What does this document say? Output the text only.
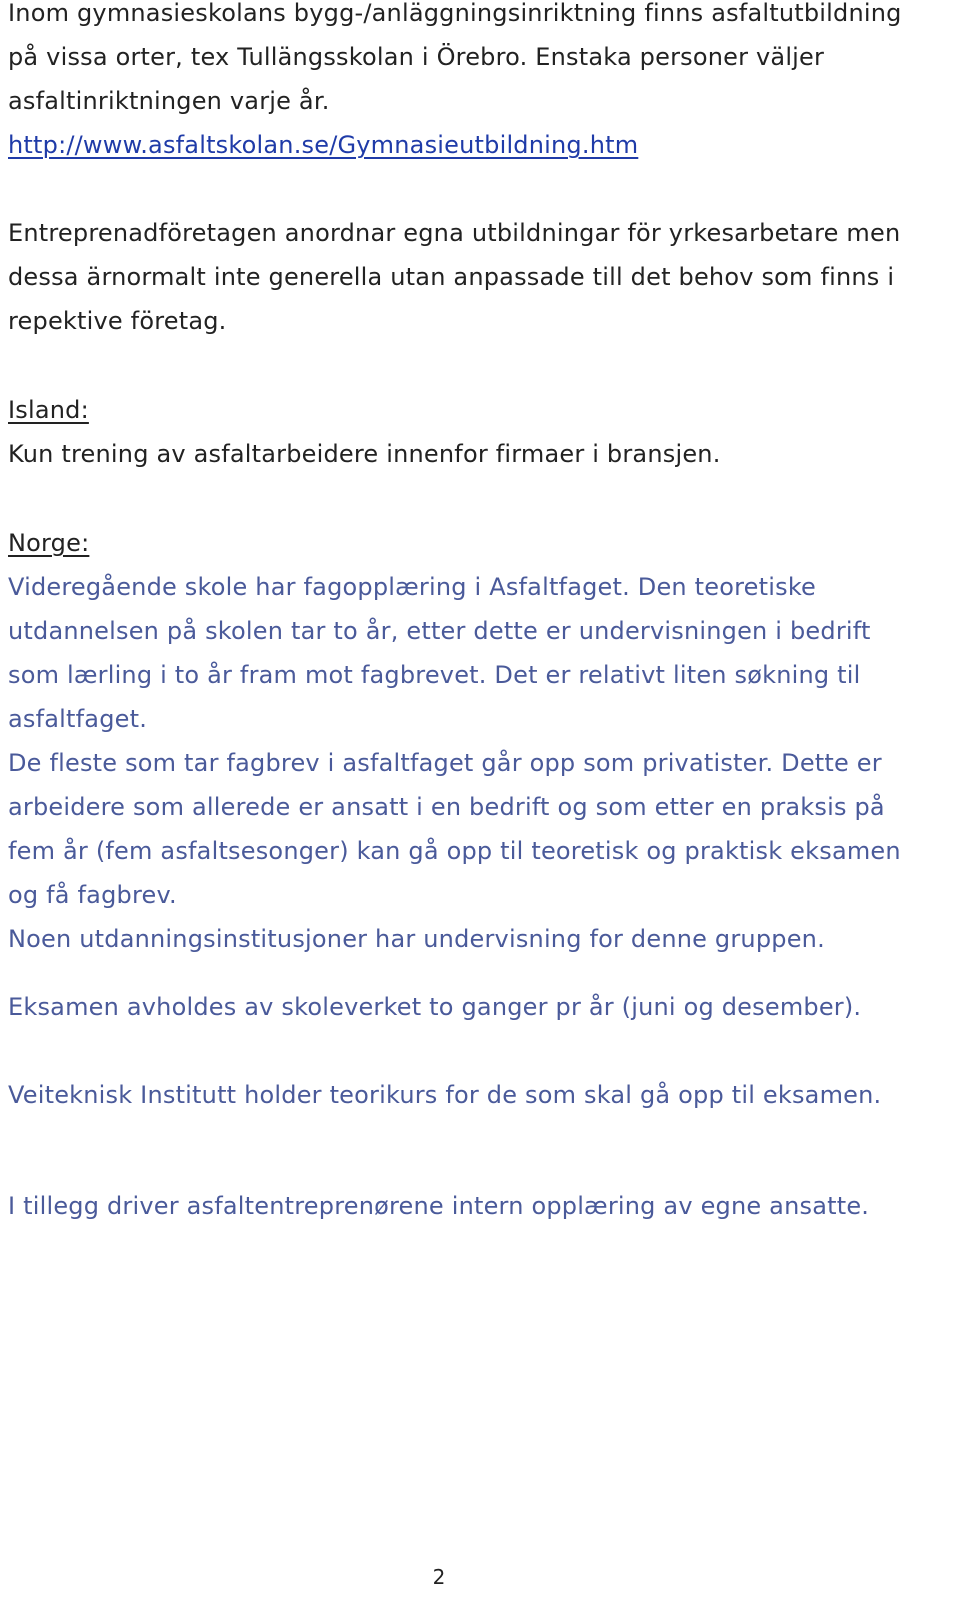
Inom gymnasieskolans bygg-/anläggningsinriktning finns asfaltutbildning
på vissa orter, tex Tullängsskolan i Örebro. Enstaka personer väljer
asfaltinriktningen varje år.
http://www.asfaltskolan.se/Gymnasieutbildning.htm
Entreprenadföretagen anordnar egna utbildningar för yrkesarbetare men
dessa ärnormalt inte generella utan anpassade till det behov som finns i
repektive företag.
Island:
Kun trening av asfaltarbeidere innenfor firmaer i bransjen.
Norge:
Videregående skole har fagopplæring i Asfaltfaget. Den teoretiske
utdannelsen på skolen tar to år, etter dette er undervisningen i bedrift
som lærling i to år fram mot fagbrevet. Det er relativt liten søkning til
asfaltfaget.
De fleste som tar fagbrev i asfaltfaget går opp som privatister. Dette er
arbeidere som allerede er ansatt i en bedrift og som etter en praksis på
fem år (fem asfaltsesonger) kan gå opp til teoretisk og praktisk eksamen
og få fagbrev.
Noen utdanningsinstitusjoner har undervisning for denne gruppen.

Eksamen avholdes av skoleverket to ganger pr år (juni og desember).

Veiteknisk Institutt holder teorikurs for de som skal gå opp til eksamen.

I tillegg driver asfaltentreprenørene intern opplæring av egne ansatte.

2
